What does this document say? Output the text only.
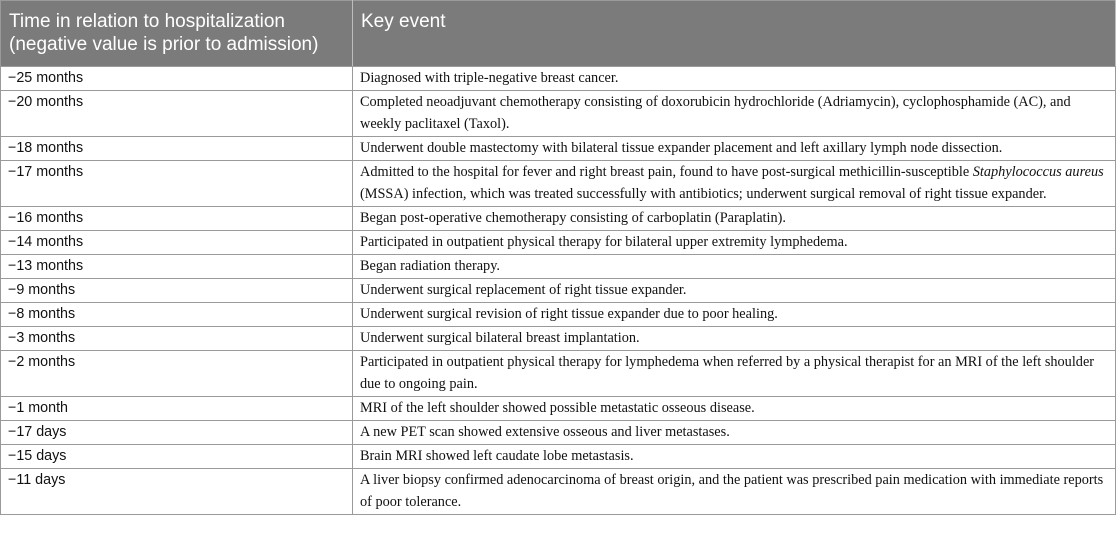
Time in relation to hospitalization (negative value is prior to admission)	Key event
−25 months	Diagnosed with triple-negative breast cancer.
−20 months	Completed neoadjuvant chemotherapy consisting of doxorubicin hydrochloride (Adriamycin), cyclophosphamide (AC), and weekly paclitaxel (Taxol).
−18 months	Underwent double mastectomy with bilateral tissue expander placement and left axillary lymph node dissection.
−17 months	Admitted to the hospital for fever and right breast pain, found to have post-surgical methicillin-susceptible Staphylococcus aureus (MSSA) infection, which was treated successfully with antibiotics; underwent surgical removal of right tissue expander.
−16 months	Began post-operative chemotherapy consisting of carboplatin (Paraplatin).
−14 months	Participated in outpatient physical therapy for bilateral upper extremity lymphedema.
−13 months	Began radiation therapy.
−9 months	Underwent surgical replacement of right tissue expander.
−8 months	Underwent surgical revision of right tissue expander due to poor healing.
−3 months	Underwent surgical bilateral breast implantation.
−2 months	Participated in outpatient physical therapy for lymphedema when referred by a physical therapist for an MRI of the left shoulder due to ongoing pain.
−1 month	MRI of the left shoulder showed possible metastatic osseous disease.
−17 days	A new PET scan showed extensive osseous and liver metastases.
−15 days	Brain MRI showed left caudate lobe metastasis.
−11 days	A liver biopsy confirmed adenocarcinoma of breast origin, and the patient was prescribed pain medication with immediate reports of poor tolerance.
